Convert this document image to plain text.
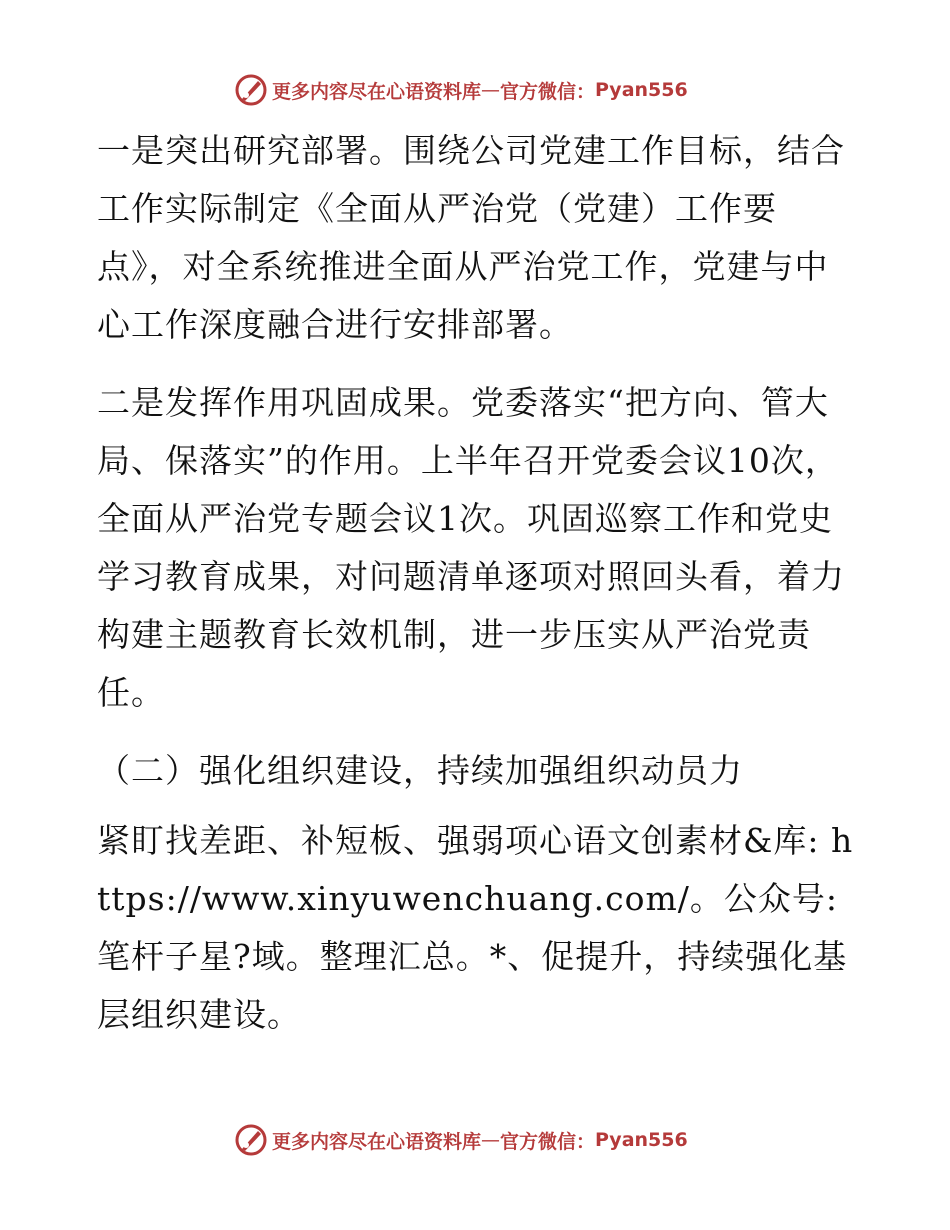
更多内容尽在心语资料库 — 官方微信： Pyan556

一是突出研究部署。围绕公司党建工作目标，结合工作实际制定《全面从严治党（党建）工作要点》，对全系统推进全面从严治党工作，党建与中心工作深度融合进行安排部署。

二是发挥作用巩固成果。党委落实“把方向、管大局、保落实”的作用。上半年召开党委会议10次，全面从严治党专题会议1次。巩固巡察工作和党史学习教育成果，对问题清单逐项对照回头看，着力构建主题教育长效机制，进一步压实从严治党责任。

（二）强化组织建设，持续加强组织动员力

紧盯找差距、补短板、强弱项心语文创素材&库: https://www.xinyuwenchuang.com/。公众号: 笔杆子星?域。整理汇总。*、促提升，持续强化基层组织建设。

更多内容尽在心语资料库 — 官方微信： Pyan556
